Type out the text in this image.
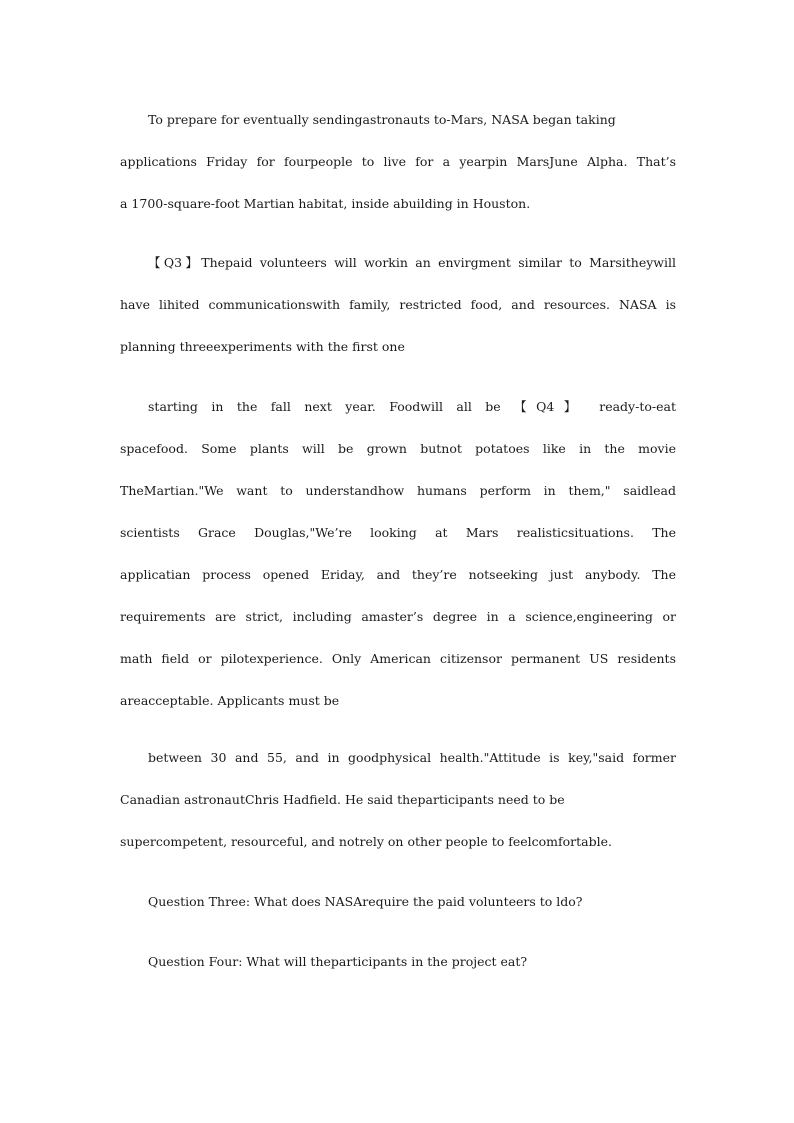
To prepare for eventually sendingastronauts to-Mars, NASA began taking
applications Friday for fourpeople to live for a yearpin MarsJune Alpha. That’s
a 1700-square-foot Martian habitat, inside abuilding in Houston.
【Q3】Thepaid volunteers will workin an envirgment similar to Marsitheywill
have lihited communicationswith family, restricted food, and resources. NASA is
planning threeexperiments with the first one
starting in the fall next year. Foodwill all be 【Q4】 ready-to-eat
spacefood. Some plants will be grown butnot potatoes like in the movie
TheMartian."We want to understandhow humans perform in them," saidlead
scientists Grace Douglas,"We’re looking at Mars realisticsituations. The
applicatian process opened Eriday, and they’re notseeking just anybody. The
requirements are strict, including amaster’s degree in a science,engineering or
math field or pilotexperience. Only American citizensor permanent US residents
areacceptable. Applicants must be
between 30 and 55, and in goodphysical health."Attitude is key,"said former
Canadian astronautChris Hadfield. He said theparticipants need to be
supercompetent, resourceful, and notrely on other people to feelcomfortable.
Question Three: What does NASArequire the paid volunteers to ldo?
Question Four: What will theparticipants in the project eat?
